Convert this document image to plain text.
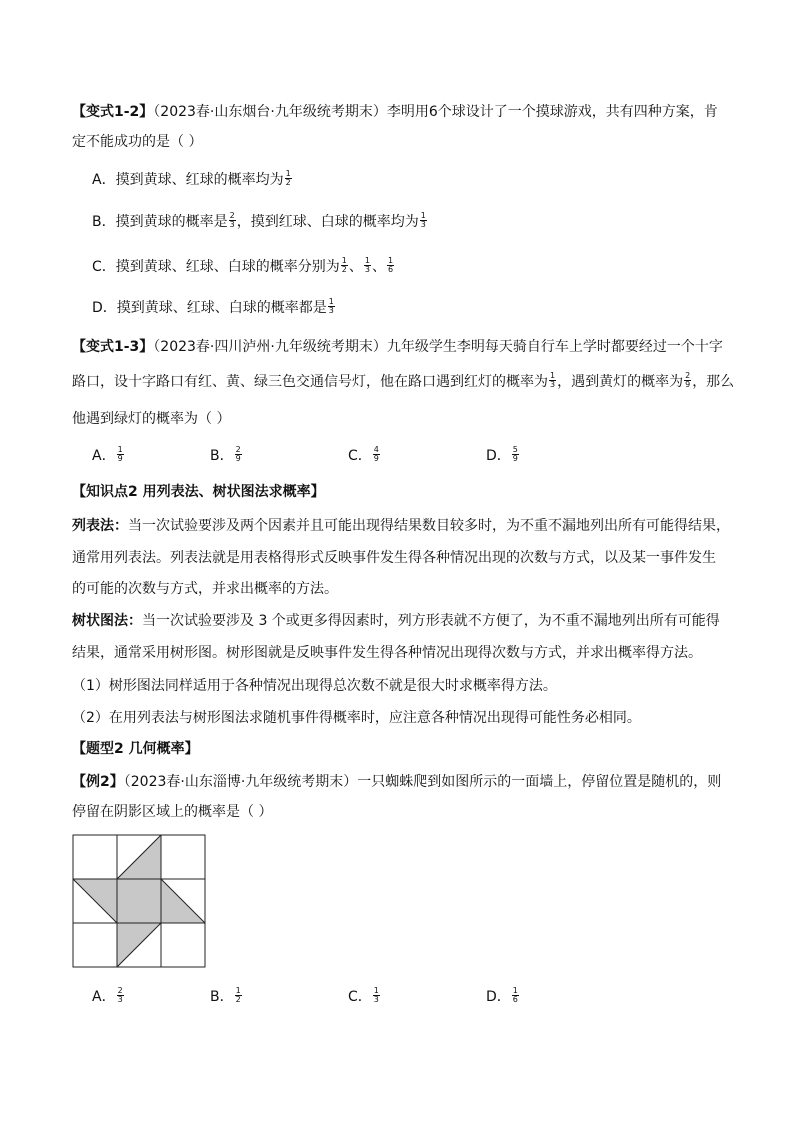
【变式1-2】（2023春·山东烟台·九年级统考期末）李明用6个球设计了一个摸球游戏，共有四种方案，肯
定不能成功的是（ ）
A．摸到黄球、红球的概率均为 $\frac{1}{2}$
B．摸到黄球的概率是 $\frac{2}{3}$ ，摸到红球、白球的概率均为 $\frac{1}{3}$
C．摸到黄球、红球、白球的概率分别为 $\frac{1}{2}$ 、 $\frac{1}{3}$ 、 $\frac{1}{6}$
D．摸到黄球、红球、白球的概率都是 $\frac{1}{3}$
【变式1-3】（2023春·四川泸州·九年级统考期末）九年级学生李明每天骑自行车上学时都要经过一个十字
路口，设十字路口有红、黄、绿三色交通信号灯，他在路口遇到红灯的概率为 $\frac{1}{3}$ ，遇到黄灯的概率为 $\frac{2}{9}$ ，那么
他遇到绿灯的概率为（ ）
A． $\frac{1}{9}$	B． $\frac{2}{9}$	C． $\frac{4}{9}$	D． $\frac{5}{9}$
【知识点2 用列表法、树状图法求概率】
列表法：当一次试验要涉及两个因素并且可能出现得结果数目较多时，为不重不漏地列出所有可能得结果，
通常用列表法。列表法就是用表格得形式反映事件发生得各种情况出现的次数与方式，以及某一事件发生
的可能的次数与方式，并求出概率的方法。
树状图法：当一次试验要涉及 3 个或更多得因素时，列方形表就不方便了，为不重不漏地列出所有可能得
结果，通常采用树形图。树形图就是反映事件发生得各种情况出现得次数与方式，并求出概率得方法。
（1）树形图法同样适用于各种情况出现得总次数不就是很大时求概率得方法。
（2）在用列表法与树形图法求随机事件得概率时，应注意各种情况出现得可能性务必相同。
【题型2 几何概率】
【例2】（2023春·山东淄博·九年级统考期末）一只蜘蛛爬到如图所示的一面墙上，停留位置是随机的，则
停留在阴影区域上的概率是（ ）
A． $\frac{2}{3}$	B． $\frac{1}{2}$	C． $\frac{1}{3}$	D． $\frac{1}{6}$
